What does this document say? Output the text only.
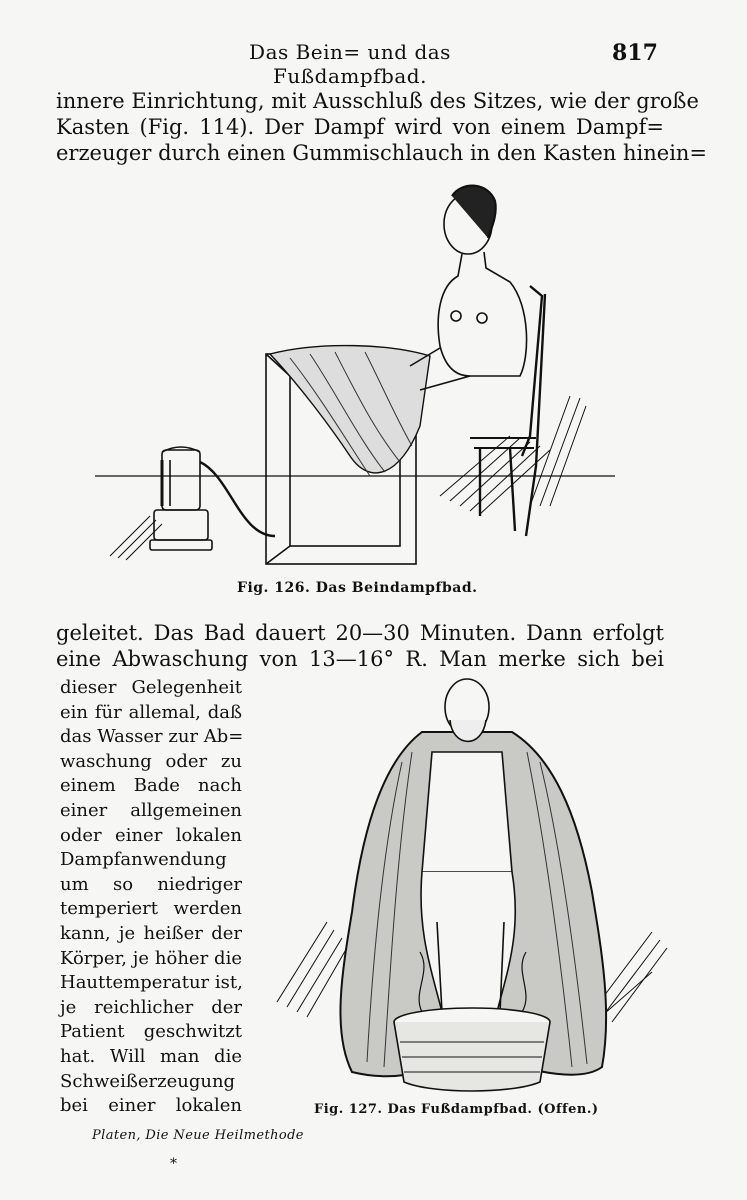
Das Bein= und das Fußdampfbad.
817
innere Einrichtung, mit Ausschluß des Sitzes, wie der große
Kasten (Fig. 114). Der Dampf wird von einem Dampf=
erzeuger durch einen Gummischlauch in den Kasten hinein=
Fig. 126. Das Beindampfbad.
geleitet. Das Bad dauert 20—30 Minuten. Dann erfolgt
eine Abwaschung von 13—16° R. Man merke sich bei
dieser Gelegenheit
ein für allemal, daß
das Wasser zur Ab=
waschung oder zu
einem Bade nach
einer allgemeinen
oder einer lokalen
Dampfanwendung
um so niedriger
temperiert werden
kann, je heißer der
Körper, je höher die
Hauttemperatur ist,
je reichlicher der
Patient geschwitzt
hat. Will man die
Schweißerzeugung
bei einer lokalen	Fig. 127. Das Fußdampfbad. (Offen.)
Platen, Die Neue Heilmethode
*
